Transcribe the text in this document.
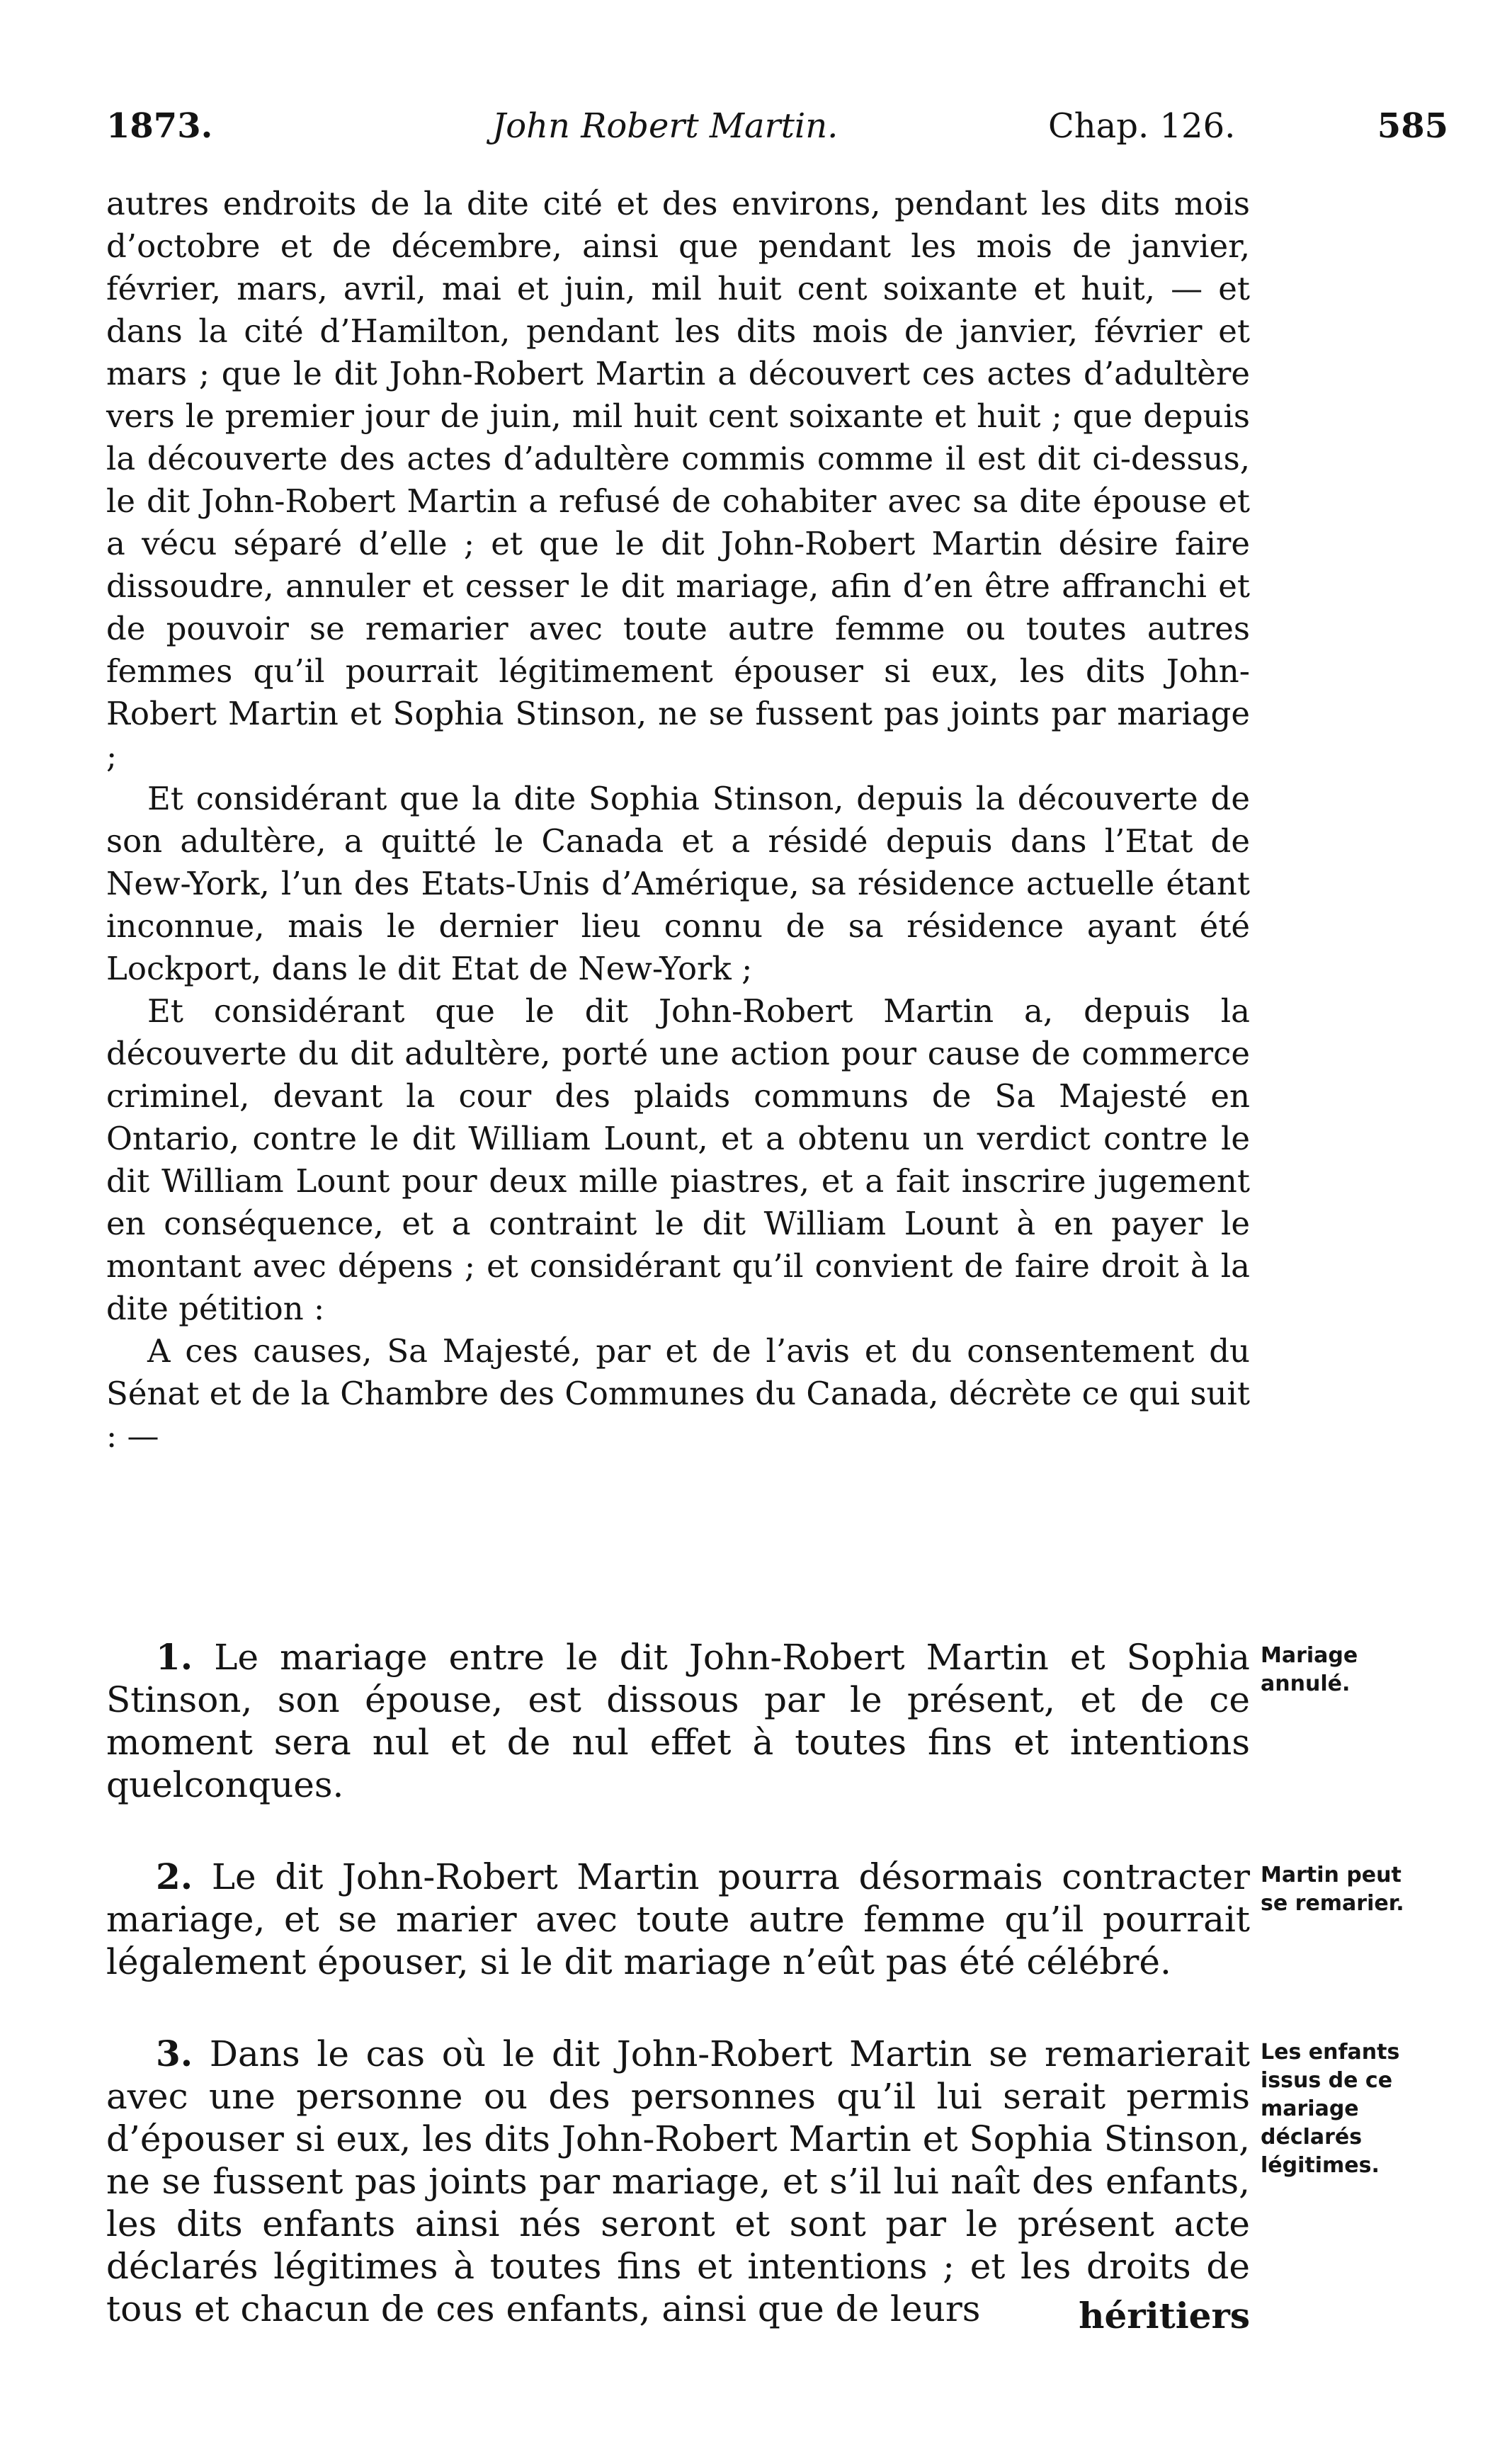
1873.	John Robert Martin.	Chap. 126.	585

autres endroits de la dite cité et des environs, pendant les dits mois d’octobre et de décembre, ainsi que pendant les mois de janvier, février, mars, avril, mai et juin, mil huit cent soixante et huit, — et dans la cité d’Hamilton, pendant les dits mois de janvier, février et mars ; que le dit John-Robert Martin a découvert ces actes d’adultère vers le premier jour de juin, mil huit cent soixante et huit ; que depuis la découverte des actes d’adultère commis comme il est dit ci-dessus, le dit John-Robert Martin a refusé de cohabiter avec sa dite épouse et a vécu séparé d’elle ; et que le dit John-Robert Martin désire faire dissoudre, annuler et cesser le dit mariage, afin d’en être affranchi et de pouvoir se remarier avec toute autre femme ou toutes autres femmes qu’il pourrait légitimement épouser si eux, les dits John-Robert Martin et Sophia Stinson, ne se fussent pas joints par mariage ;

Et considérant que la dite Sophia Stinson, depuis la découverte de son adultère, a quitté le Canada et a résidé depuis dans l’Etat de New-York, l’un des Etats-Unis d’Amérique, sa résidence actuelle étant inconnue, mais le dernier lieu connu de sa résidence ayant été Lockport, dans le dit Etat de New-York ;

Et considérant que le dit John-Robert Martin a, depuis la découverte du dit adultère, porté une action pour cause de commerce criminel, devant la cour des plaids communs de Sa Majesté en Ontario, contre le dit William Lount, et a obtenu un verdict contre le dit William Lount pour deux mille piastres, et a fait inscrire jugement en conséquence, et a contraint le dit William Lount à en payer le montant avec dépens ; et considérant qu’il convient de faire droit à la dite pétition :

A ces causes, Sa Majesté, par et de l’avis et du consentement du Sénat et de la Chambre des Communes du Canada, décrète ce qui suit : —

1. Le mariage entre le dit John-Robert Martin et Sophia Stinson, son épouse, est dissous par le présent, et de ce moment sera nul et de nul effet à toutes fins et intentions quelconques.

Mariage annulé.

2. Le dit John-Robert Martin pourra désormais contracter mariage, et se marier avec toute autre femme qu’il pourrait légalement épouser, si le dit mariage n’eût pas été célébré.

Martin peut se remarier.

3. Dans le cas où le dit John-Robert Martin se remarierait avec une personne ou des personnes qu’il lui serait permis d’épouser si eux, les dits John-Robert Martin et Sophia Stinson, ne se fussent pas joints par mariage, et s’il lui naît des enfants, les dits enfants ainsi nés seront et sont par le présent acte déclarés légitimes à toutes fins et intentions ; et les droits de tous et chacun de ces enfants, ainsi que de leurs

Les enfants issus de ce mariage déclarés légitimes.
héritiers
